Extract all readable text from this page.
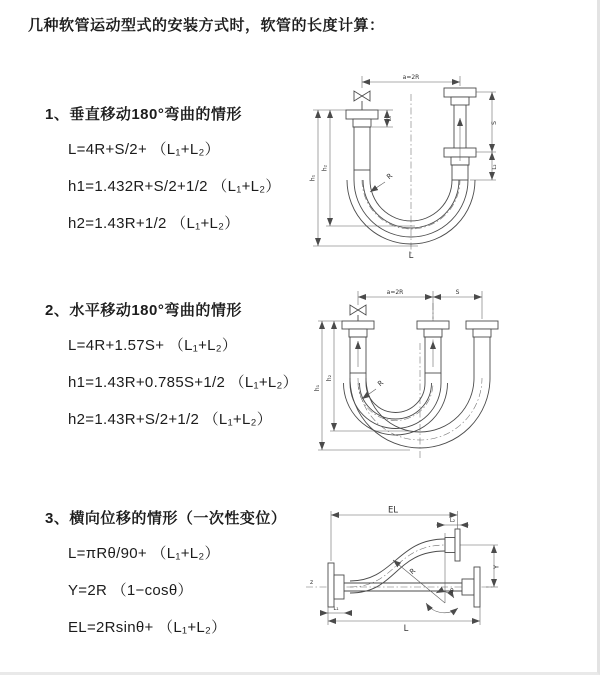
几种软管运动型式的安装方式时，软管的长度计算：
1、垂直移动180°弯曲的情形
L=4R+S/2+ （L₁+L₂）
h1=1.432R+S/2+1/2 （L₁+L₂）
h2=1.43R+1/2 （L₁+L₂）
2、水平移动180°弯曲的情形
L=4R+1.57S+ （L₁+L₂）
h1=1.43R+0.785S+1/2 （L₁+L₂）
h2=1.43R+S/2+1/2 （L₁+L₂）
3、横向位移的情形（一次性变位）
L=πRθ/90+ （L₁+L₂）
Y=2R （1−cosθ）
EL=2Rsinθ+ （L₁+L₂）
a=2R
L₁
S
L₂
h₁
h₂
R
L
a=2R	S
h₁
h₂
R
z
EL
L₂
Y
R
θ
L₁
L
